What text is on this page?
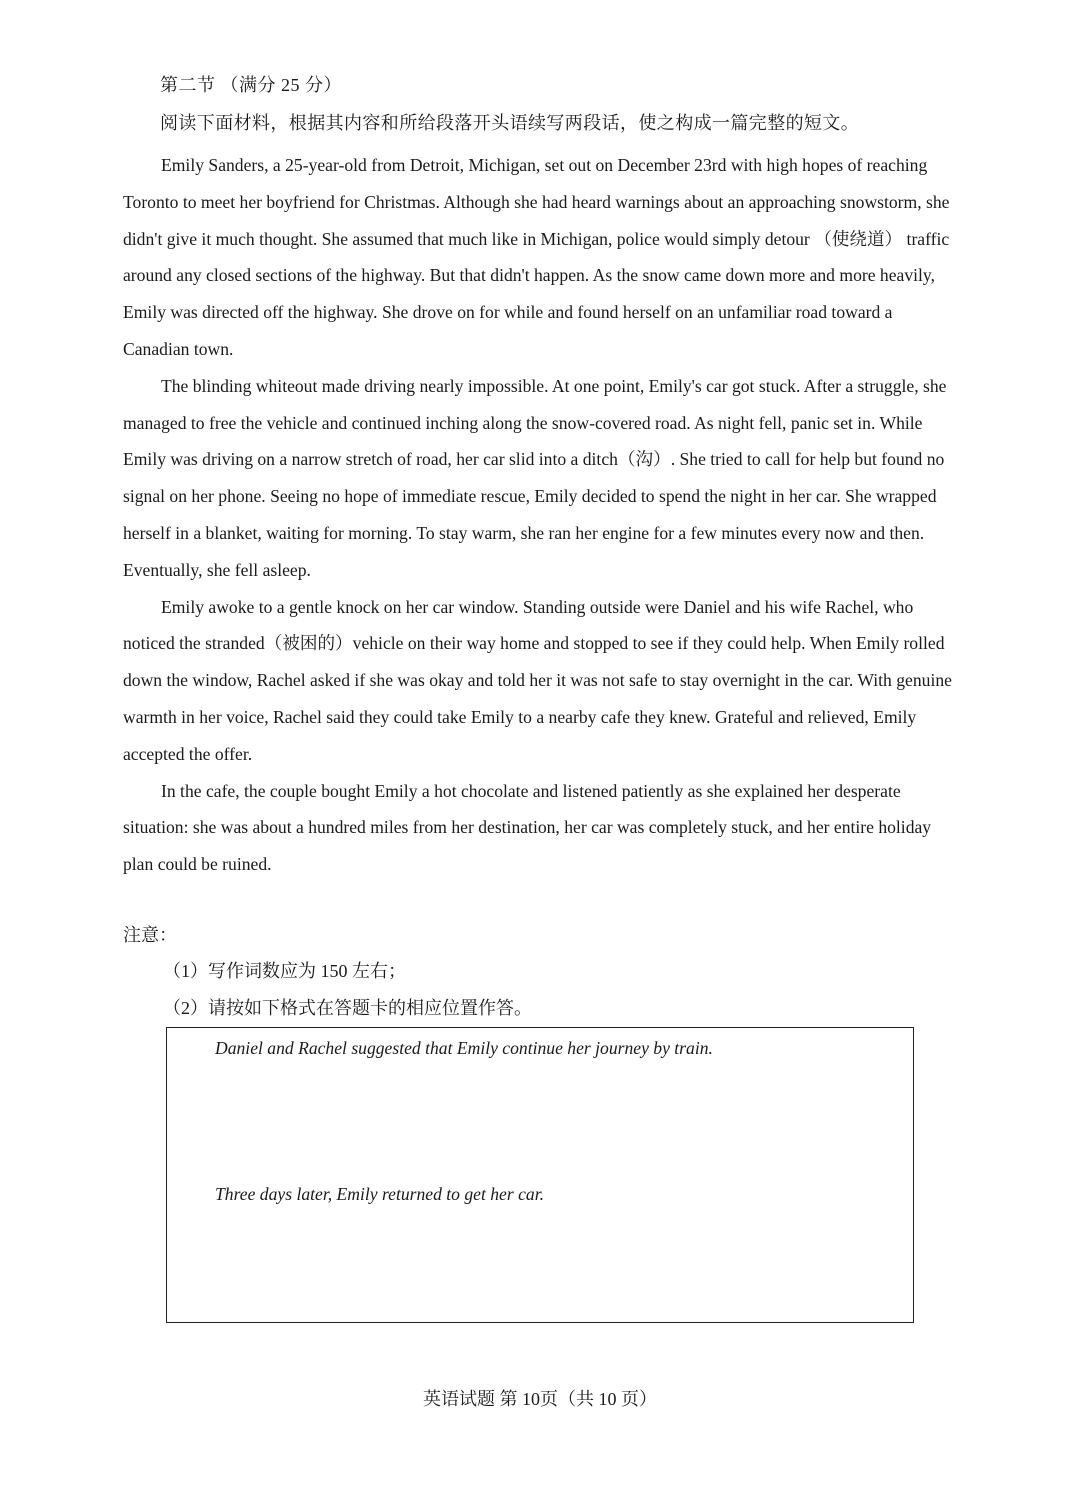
第二节 （满分 25 分）
阅读下面材料，根据其内容和所给段落开头语续写两段话，使之构成一篇完整的短文。

Emily Sanders, a 25-year-old from Detroit, Michigan, set out on December 23rd with high hopes of reaching Toronto to meet her boyfriend for Christmas. Although she had heard warnings about an approaching snowstorm, she didn't give it much thought. She assumed that much like in Michigan, police would simply detour （使绕道） traffic around any closed sections of the highway. But that didn't happen. As the snow came down more and more heavily, Emily was directed off the highway. She drove on for while and found herself on an unfamiliar road toward a Canadian town.

The blinding whiteout made driving nearly impossible. At one point, Emily's car got stuck. After a struggle, she managed to free the vehicle and continued inching along the snow-covered road. As night fell, panic set in. While Emily was driving on a narrow stretch of road, her car slid into a ditch（沟）. She tried to call for help but found no signal on her phone. Seeing no hope of immediate rescue, Emily decided to spend the night in her car. She wrapped herself in a blanket, waiting for morning. To stay warm, she ran her engine for a few minutes every now and then. Eventually, she fell asleep.

Emily awoke to a gentle knock on her car window. Standing outside were Daniel and his wife Rachel, who noticed the stranded（被困的）vehicle on their way home and stopped to see if they could help. When Emily rolled down the window, Rachel asked if she was okay and told her it was not safe to stay overnight in the car. With genuine warmth in her voice, Rachel said they could take Emily to a nearby cafe they knew. Grateful and relieved, Emily accepted the offer.

In the cafe, the couple bought Emily a hot chocolate and listened patiently as she explained her desperate situation: she was about a hundred miles from her destination, her car was completely stuck, and her entire holiday plan could be ruined.

注意：
（1）写作词数应为 150 左右；
（2）请按如下格式在答题卡的相应位置作答。
Daniel and Rachel suggested that Emily continue her journey by train.
Three days later, Emily returned to get her car.
英语试题 第 10页（共 10 页）
